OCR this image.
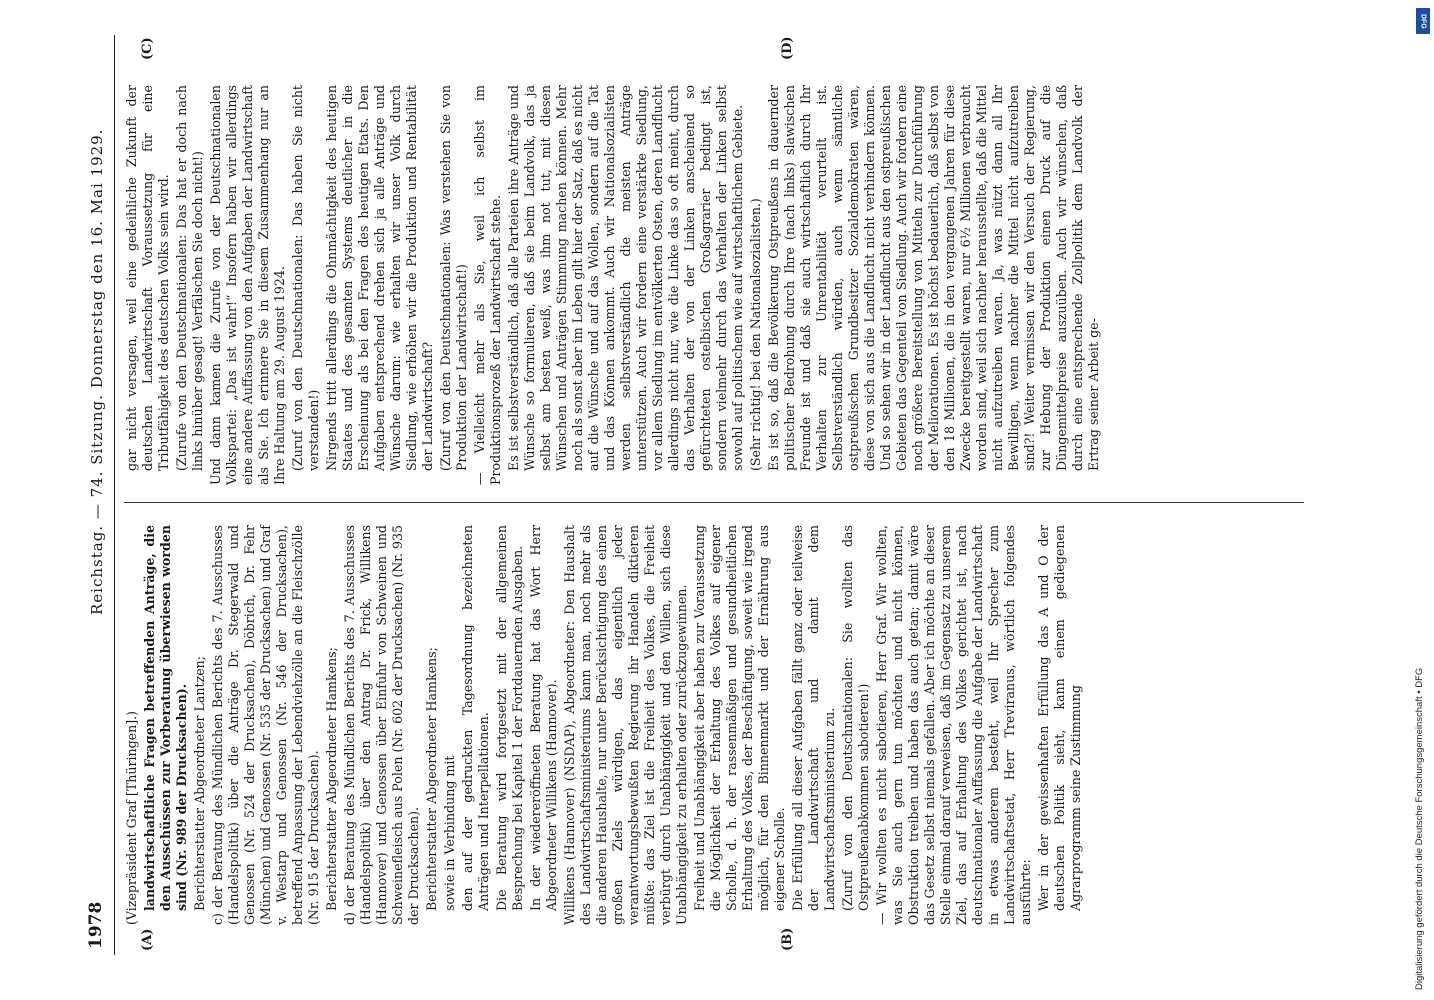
1978
Reichstag. — 74. Sitzung. Donnerstag den 16. Mai 1929.
(A)	(B)
(C)	(D)

(Vizepräsident Graf [Thüringen].) landwirtschaftliche Fragen betreffenden Anträge, die den Ausschüssen zur Vorberatung überwiesen worden sind (Nr. 989 der Drucksachen). Berichterstatter Abgeordneter Lantzen; c) der Beratung des Mündlichen Berichts des 7. Ausschusses (Handelspolitik) über die Anträge Dr. Stegerwald und Genossen (Nr. 524 der Drucksachen), Döbrich, Dr. Fehr (München) und Genossen (Nr. 535 der Drucksachen) und Graf v. Westarp und Genossen (Nr. 546 der Drucksachen), betreffend Anpassung der Lebendviehzölle an die Fleischzölle (Nr. 915 der Drucksachen). Berichterstatter Abgeordneter Hamkens; d) der Beratung des Mündlichen Berichts des 7. Ausschusses (Handelspolitik) über den Antrag Dr. Frick, Willikens (Hannover) und Genossen über Einfuhr von Schweinen und Schweinefleisch aus Polen (Nr. 602 der Drucksachen) (Nr. 935 der Drucksachen). Berichterstatter Abgeordneter Hamkens; sowie in Verbindung mit den auf der gedruckten Tagesordnung bezeichneten Anträgen und Interpellationen. Die Beratung wird fortgesetzt mit der allgemeinen Besprechung bei Kapitel 1 der Fortdauernden Ausgaben. In der wiedereröffneten Beratung hat das Wort Herr Abgeordneter Willikens (Hannover). Willikens (Hannover) (NSDAP), Abgeordneter: Den Haushalt des Landwirtschaftsministeriums kann man, noch mehr als die anderen Haushalte, nur unter Berücksichtigung des einen großen Ziels würdigen, das eigentlich jeder verantwortungsbewußten Regierung ihr Handeln diktieren müßte: das Ziel ist die Freiheit des Volkes, die Freiheit verbürgt durch Unabhängigkeit und den Willen, sich diese Unabhängigkeit zu erhalten oder zurückzugewinnen. Freiheit und Unabhängigkeit aber haben zur Voraussetzung die Möglichkeit der Erhaltung des Volkes auf eigener Scholle, d. h. der rassenmäßigen und gesundheitlichen Erhaltung des Volkes, der Beschäftigung, soweit wie irgend möglich, für den Binnenmarkt und der Ernährung aus eigener Scholle. Die Erfüllung all dieser Aufgaben fällt ganz oder teilweise der Landwirtschaft und damit dem Landwirtschaftsministerium zu. (Zuruf von den Deutschnationalen: Sie wollten das Ostpreußenabkommen sabotieren!) — Wir wollten es nicht sabotieren, Herr Graf. Wir wollten, was Sie auch gern tun möchten und nicht können, Obstruktion treiben und haben das auch getan; damit wäre das Gesetz selbst niemals gefallen. Aber ich möchte an dieser Stelle einmal darauf verweisen, daß im Gegensatz zu unserem Ziel, das auf Erhaltung des Volkes gerichtet ist, nach deutschnationaler Auffassung die Aufgabe der Landwirtschaft in etwas anderem besteht, weil Ihr Sprecher zum Landwirtschaftsetat, Herr Treviranus, wörtlich folgendes ausführte: Wer in der gewissenhaften Erfüllung das A und O der deutschen Politik sieht, kann einem gediegenen Agrarprogramm seine Zustimmung

gar nicht versagen, weil eine gedeihliche Zukunft der deutschen Landwirtschaft Voraussetzung für eine Tributfähigkeit des deutschen Volks sein wird. (Zurufe von den Deutschnationalen: Das hat er doch nach links hinüber gesagt! Verfälschen Sie doch nicht!) Und dann kamen die Zurufe von der Deutschnationalen Volkspartei: „Das ist wahr!“ Insofern haben wir allerdings eine andere Auffassung von den Aufgaben der Landwirtschaft als Sie. Ich erinnere Sie in diesem Zusammenhang nur an Ihre Haltung am 29. August 1924. (Zuruf von den Deutschnationalen: Das haben Sie nicht verstanden!) Nirgends tritt allerdings die Ohnmächtigkeit des heutigen Staates und des gesamten Systems deutlicher in die Erscheinung als bei den Fragen des heutigen Etats. Den Aufgaben entsprechend drehen sich ja alle Anträge und Wünsche darum: wie erhalten wir unser Volk durch Siedlung, wie erhöhen wir die Produktion und Rentabilität der Landwirtschaft? (Zuruf von den Deutschnationalen: Was verstehen Sie von Produktion der Landwirtschaft!) — Vielleicht mehr als Sie, weil ich selbst im Produktionsprozeß der Landwirtschaft stehe. Es ist selbstverständlich, daß alle Parteien ihre Anträge und Wünsche so formulieren, daß sie beim Landvolk, das ja selbst am besten weiß, was ihm not tut, mit diesen Wünschen und Anträgen Stimmung machen können. Mehr noch als sonst aber im Leben gilt hier der Satz, daß es nicht auf die Wünsche und auf das Wollen, sondern auf die Tat und das Können ankommt. Auch wir Nationalsozialisten werden selbstverständlich die meisten Anträge unterstützen. Auch wir fordern eine verstärkte Siedlung, vor allem Siedlung im entvölkerten Osten, deren Landflucht allerdings nicht nur, wie die Linke das so oft meint, durch das Verhalten der von der Linken anscheinend so gefürchteten ostelbischen Großagrarier bedingt ist, sondern vielmehr durch das Verhalten der Linken selbst sowohl auf politischem wie auf wirtschaftlichem Gebiete. (Sehr richtig! bei den Nationalsozialisten.) Es ist so, daß die Bevölkerung Ostpreußens in dauernder politischer Bedrohung durch Ihre (nach links) slawischen Freunde ist und daß sie auch wirtschaftlich durch Ihr Verhalten zur Unrentabilität verurteilt ist. Selbstverständlich würden, auch wenn sämtliche ostpreußischen Grundbesitzer Sozialdemokraten wären, diese von sich aus die Landflucht nicht verhindern können. Und so sehen wir in der Landflucht aus den ostpreußischen Gebieten das Gegenteil von Siedlung. Auch wir fordern eine noch größere Bereitstellung von Mitteln zur Durchführung der Meliorationen. Es ist höchst bedauerlich, daß selbst von den 18 Millionen, die in den vergangenen Jahren für diese Zwecke bereitgestellt waren, nur 6½ Millionen verbraucht worden sind, weil sich nachher herausstellte, daß die Mittel nicht aufzutreiben waren. Ja, was nützt dann all Ihr Bewilligen, wenn nachher die Mittel nicht aufzutreiben sind?! Weiter vermissen wir den Versuch der Regierung, zur Hebung der Produktion einen Druck auf die Düngemittelpreise auszuüben. Auch wir wünschen, daß durch eine entsprechende Zollpolitik dem Landvolk der Ertrag seiner Arbeit ge-

DFG
Digitalisierung gefördert durch die Deutsche Forschungsgemeinschaft • DFG
